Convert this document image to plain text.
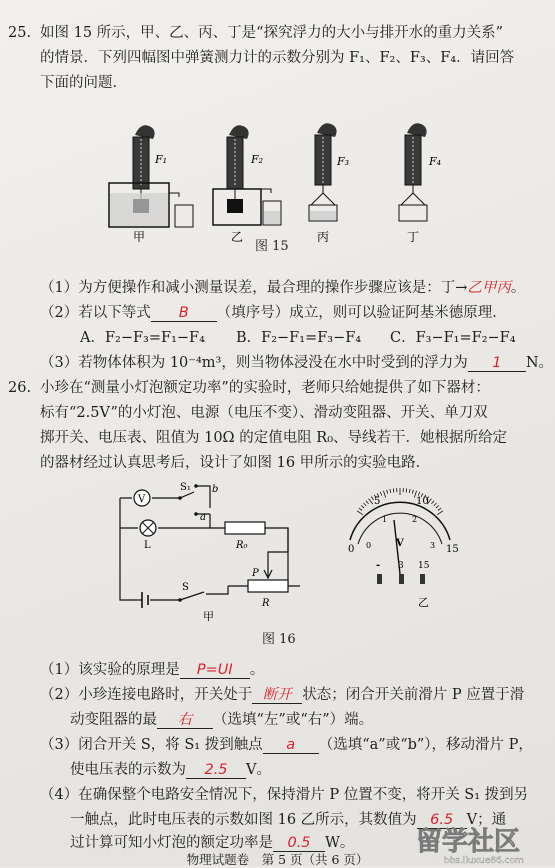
25. 如图 15 所示，甲、乙、丙、丁是“探究浮力的大小与排开水的重力关系”
的情景．下列四幅图中弹簧测力计的示数分别为 F₁、F₂、F₃、F₄．请回答
下面的问题．
F₁
甲
F₂
乙
F₃
丙
F₄
丁
图 15
（1）为方便操作和减小测量误差，最合理的操作步骤应该是：丁→乙甲丙。
（2）若以下等式 B （填序号）成立，则可以验证阿基米德原理．
A．F₂−F₃=F₁−F₄ B．F₂−F₁=F₃−F₄ C．F₃−F₁=F₂−F₄
（3）若物体体积为 10⁻⁴m³，则当物体浸没在水中时受到的浮力为 1 N。
26. 小珍在“测量小灯泡额定功率”的实验时，老师只给她提供了如下器材：
标有“2.5V”的小灯泡、电源（电压不变）、滑动变阻器、开关、单刀双
掷开关、电压表、阻值为 10Ω 的定值电阻 R₀、导线若干．她根据所给定
的器材经过认真思考后，设计了如图 16 甲所示的实验电路．
V
S₁ b
a
L	R₀
S
P
R
甲
0
5	10
15
0
1	2
3
V
- 3 15
乙
图 16
（1）该实验的原理是 P=UI 。
（2）小珍连接电路时，开关处于 断开 状态；闭合开关前滑片 P 应置于滑
动变阻器的最 右 （选填“左”或“右”）端。
（3）闭合开关 S，将 S₁ 拨到触点 a （选填“a”或“b”），移动滑片 P，
使电压表的示数为 2.5 V。
（4）在确保整个电路安全情况下，保持滑片 P 位置不变，将开关 S₁ 拨到另
一触点，此时电压表的示数如图 16 乙所示，其数值为 6.5 V；通
过计算可知小灯泡的额定功率是 0.5 W。
物理试题卷　第 5 页（共 6 页）
留学社区
bbs.liuxue86.com
